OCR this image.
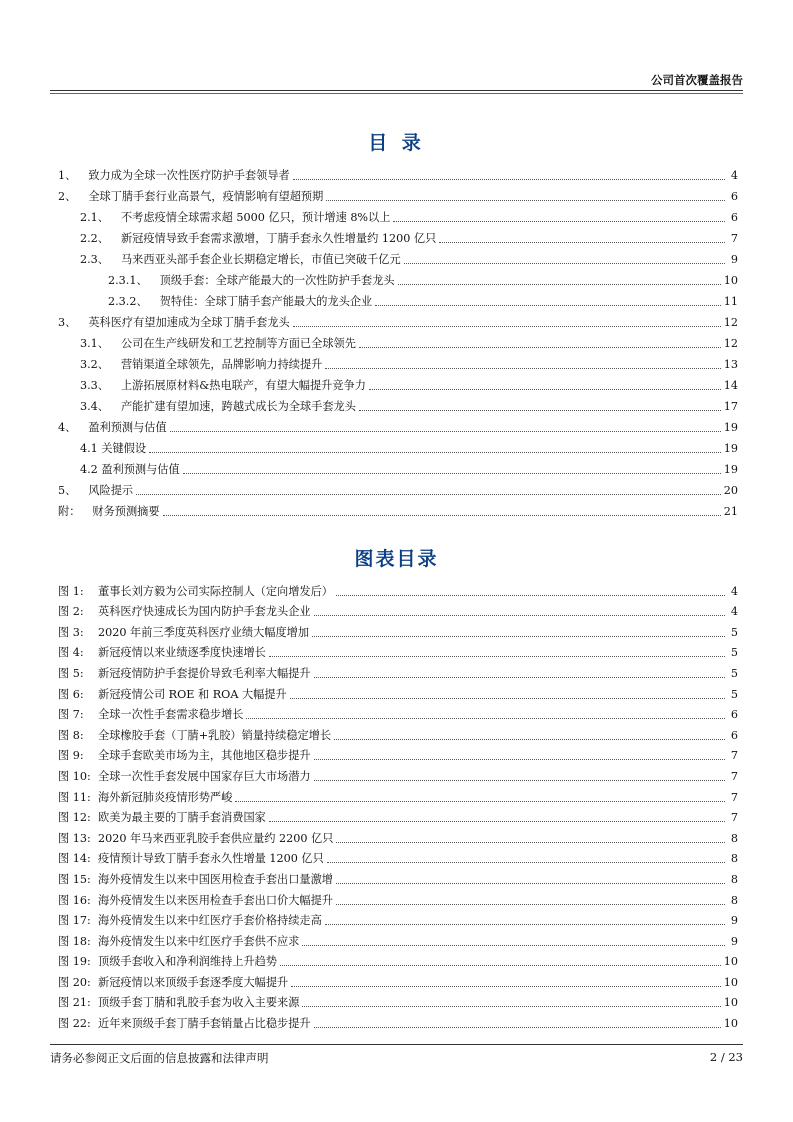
公司首次覆盖报告
目 录
1、 致力成为全球一次性医疗防护手套领导者	4
2、 全球丁腈手套行业高景气，疫情影响有望超预期	6
2.1、 不考虑疫情全球需求超 5000 亿只，预计增速 8%以上	6
2.2、 新冠疫情导致手套需求激增，丁腈手套永久性增量约 1200 亿只	7
2.3、 马来西亚头部手套企业长期稳定增长，市值已突破千亿元	9
2.3.1、 顶级手套：全球产能最大的一次性防护手套龙头	10
2.3.2、 贺特佳：全球丁腈手套产能最大的龙头企业	11
3、 英科医疗有望加速成为全球丁腈手套龙头	12
3.1、 公司在生产线研发和工艺控制等方面已全球领先	12
3.2、 营销渠道全球领先，品牌影响力持续提升	13
3.3、 上游拓展原材料&热电联产，有望大幅提升竞争力	14
3.4、 产能扩建有望加速，跨越式成长为全球手套龙头	17
4、 盈利预测与估值	19
4.1 关键假设	19
4.2 盈利预测与估值	19
5、 风险提示	20
附： 财务预测摘要	21
图表目录
图 1: 董事长刘方毅为公司实际控制人（定向增发后）	4
图 2: 英科医疗快速成长为国内防护手套龙头企业	4
图 3: 2020 年前三季度英科医疗业绩大幅度增加	5
图 4: 新冠疫情以来业绩逐季度快速增长	5
图 5: 新冠疫情防护手套提价导致毛利率大幅提升	5
图 6: 新冠疫情公司 ROE 和 ROA 大幅提升	5
图 7: 全球一次性手套需求稳步增长	6
图 8: 全球橡胶手套（丁腈+乳胶）销量持续稳定增长	6
图 9: 全球手套欧美市场为主，其他地区稳步提升	7
图 10: 全球一次性手套发展中国家存巨大市场潜力	7
图 11: 海外新冠肺炎疫情形势严峻	7
图 12: 欧美为最主要的丁腈手套消费国家	7
图 13: 2020 年马来西亚乳胶手套供应量约 2200 亿只	8
图 14: 疫情预计导致丁腈手套永久性增量 1200 亿只	8
图 15: 海外疫情发生以来中国医用检查手套出口量激增	8
图 16: 海外疫情发生以来医用检查手套出口价大幅提升	8
图 17: 海外疫情发生以来中红医疗手套价格持续走高	9
图 18: 海外疫情发生以来中红医疗手套供不应求	9
图 19: 顶级手套收入和净利润维持上升趋势	10
图 20: 新冠疫情以来顶级手套逐季度大幅提升	10
图 21: 顶级手套丁腈和乳胶手套为收入主要来源	10
图 22: 近年来顶级手套丁腈手套销量占比稳步提升	10
请务必参阅正文后面的信息披露和法律声明	2 / 23
